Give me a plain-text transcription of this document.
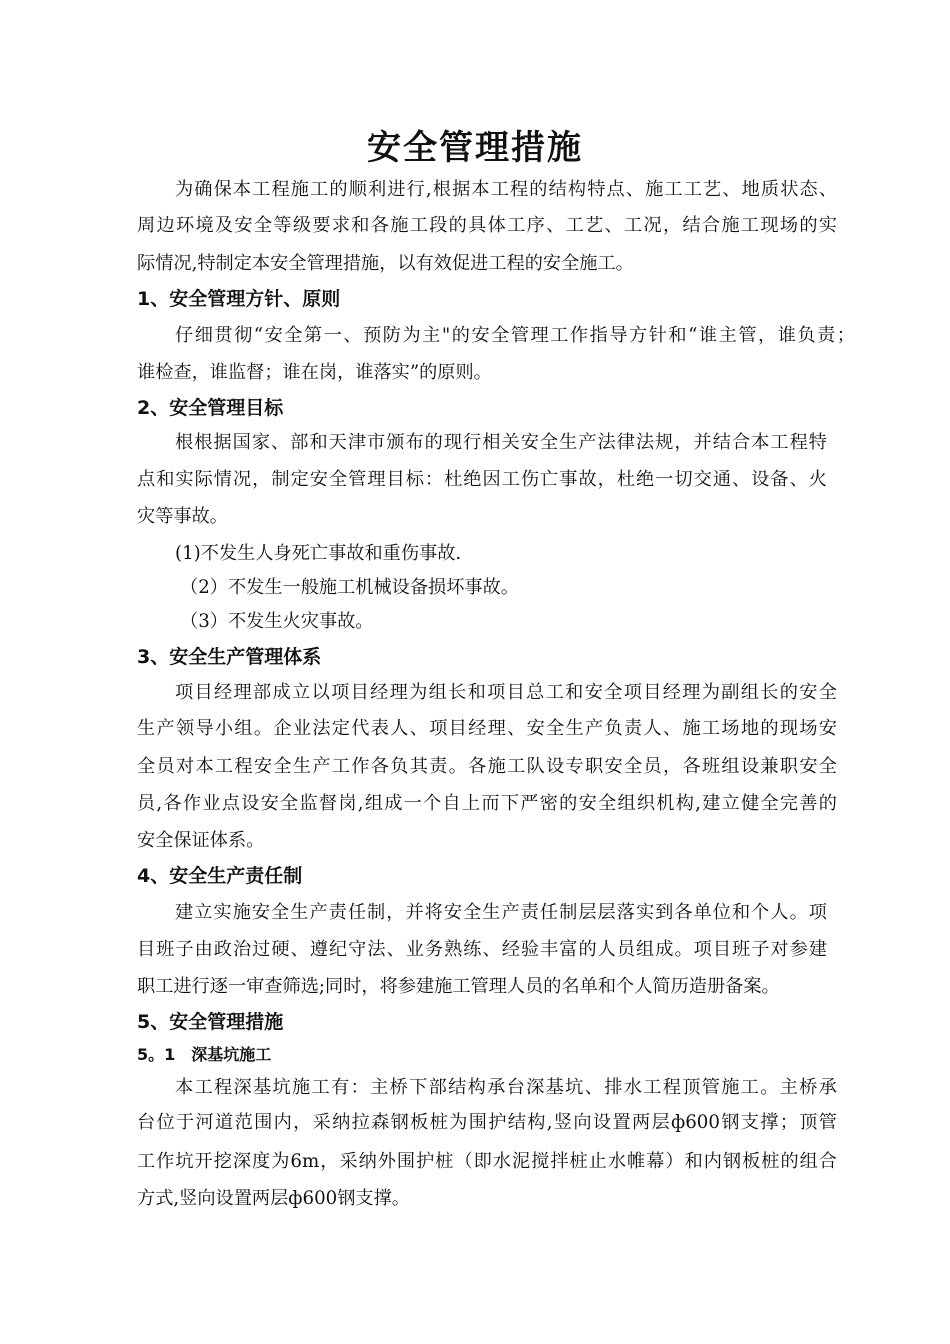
安全管理措施

为确保本工程施工的顺利进行,根据本工程的结构特点、施工工艺、地质状态、

周边环境及安全等级要求和各施工段的具体工序、工艺、工况，结合施工现场的实

际情况,特制定本安全管理措施，以有效促进工程的安全施工。

1、安全管理方针、原则

仔细贯彻“安全第一、预防为主"的安全管理工作指导方针和“谁主管，谁负责；

谁检查，谁监督；谁在岗，谁落实”的原则。

2、安全管理目标

根根据国家、部和天津市颁布的现行相关安全生产法律法规，并结合本工程特

点和实际情况，制定安全管理目标：杜绝因工伤亡事故，杜绝一切交通、设备、火

灾等事故。

(1)不发生人身死亡事故和重伤事故.

（2）不发生一般施工机械设备损坏事故。

（3）不发生火灾事故。

3、安全生产管理体系

项目经理部成立以项目经理为组长和项目总工和安全项目经理为副组长的安全

生产领导小组。企业法定代表人、项目经理、安全生产负责人、施工场地的现场安

全员对本工程安全生产工作各负其责。各施工队设专职安全员，各班组设兼职安全

员,各作业点设安全监督岗,组成一个自上而下严密的安全组织机构,建立健全完善的

安全保证体系。

4、安全生产责任制

建立实施安全生产责任制，并将安全生产责任制层层落实到各单位和个人。项

目班子由政治过硬、遵纪守法、业务熟练、经验丰富的人员组成。项目班子对参建

职工进行逐一审查筛选;同时，将参建施工管理人员的名单和个人简历造册备案。

5、安全管理措施
5。1　深基坑施工

本工程深基坑施工有：主桥下部结构承台深基坑、排水工程顶管施工。主桥承

台位于河道范围内，采纳拉森钢板桩为围护结构,竖向设置两层ф600钢支撑；顶管

工作坑开挖深度为6m，采纳外围护桩（即水泥搅拌桩止水帷幕）和内钢板桩的组合

方式,竖向设置两层ф600钢支撑。
